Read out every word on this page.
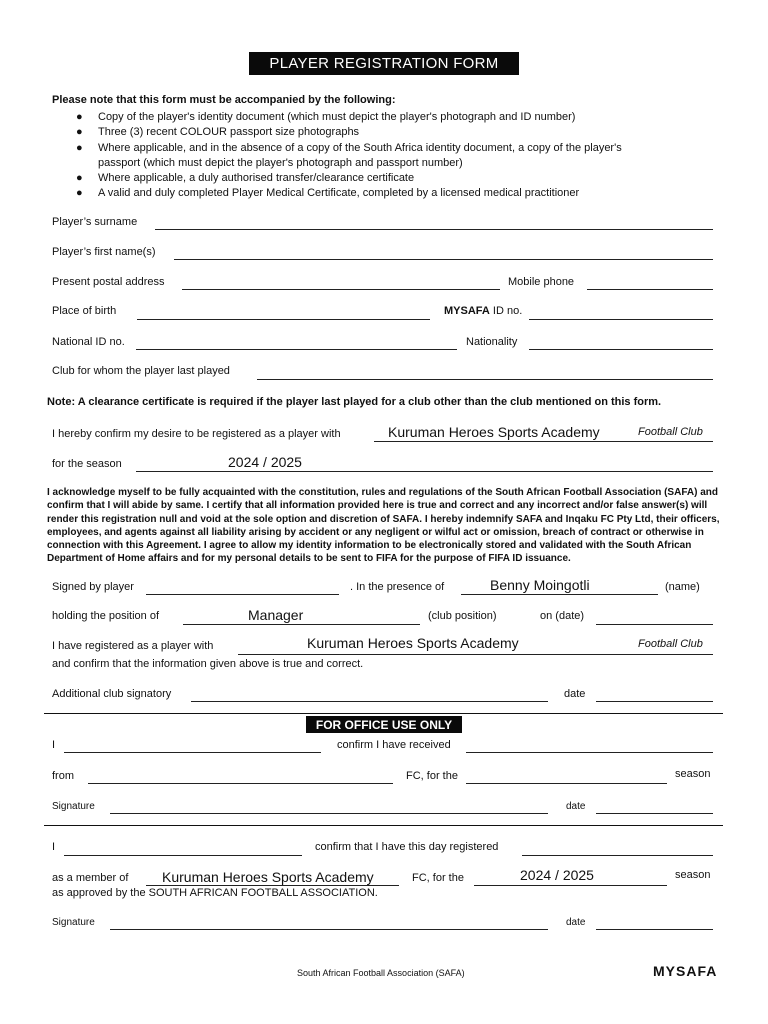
PLAYER REGISTRATION FORM
Please note that this form must be accompanied by the following:
● Copy of the player's identity document (which must depict the player's photograph and ID number)
● Three (3) recent COLOUR passport size photographs
● Where applicable, and in the absence of a copy of the South Africa identity document, a copy of the player's passport (which must depict the player's photograph and passport number)
● Where applicable, a duly authorised transfer/clearance certificate
● A valid and duly completed Player Medical Certificate, completed by a licensed medical practitioner
Player’s surname
Player’s first name(s)
Present postal address	Mobile phone
Place of birth	MYSAFA ID no.
National ID no.	Nationality
Club for whom the player last played
Note: A clearance certificate is required if the player last played for a club other than the club mentioned on this form.
I hereby confirm my desire to be registered as a player with	Kuruman Heroes Sports Academy	Football Club
for the season	2024 / 2025
I acknowledge myself to be fully acquainted with the constitution, rules and regulations of the South African Football Association (SAFA) and confirm that I will abide by same. I certify that all information provided here is true and correct and any incorrect and/or false answer(s) will render this registration null and void at the sole option and discretion of SAFA. I hereby indemnify SAFA and Inqaku FC Pty Ltd, their officers, employees, and agents against all liability arising by accident or any negligent or wilful act or omission, breach of contract or otherwise in connection with this Agreement. I agree to allow my identity information to be electronically stored and validated with the South African Department of Home affairs and for my personal details to be sent to FIFA for the purpose of FIFA ID issuance.
Signed by player	. In the presence of	Benny Moingotli	(name)
holding the position of	Manager	(club position)	on (date)
I have registered as a player with	Kuruman Heroes Sports Academy	Football Club
and confirm that the information given above is true and correct.
Additional club signatory	date
FOR OFFICE USE ONLY
I	confirm I have received
from	FC, for the	season
Signature	date
I	confirm that I have this day registered
as a member of Kuruman Heroes Sports Academy	FC, for the	2024 / 2025	season
as approved by the SOUTH AFRICAN FOOTBALL ASSOCIATION.
Signature	date
South African Football Association (SAFA)	MYSAFA
